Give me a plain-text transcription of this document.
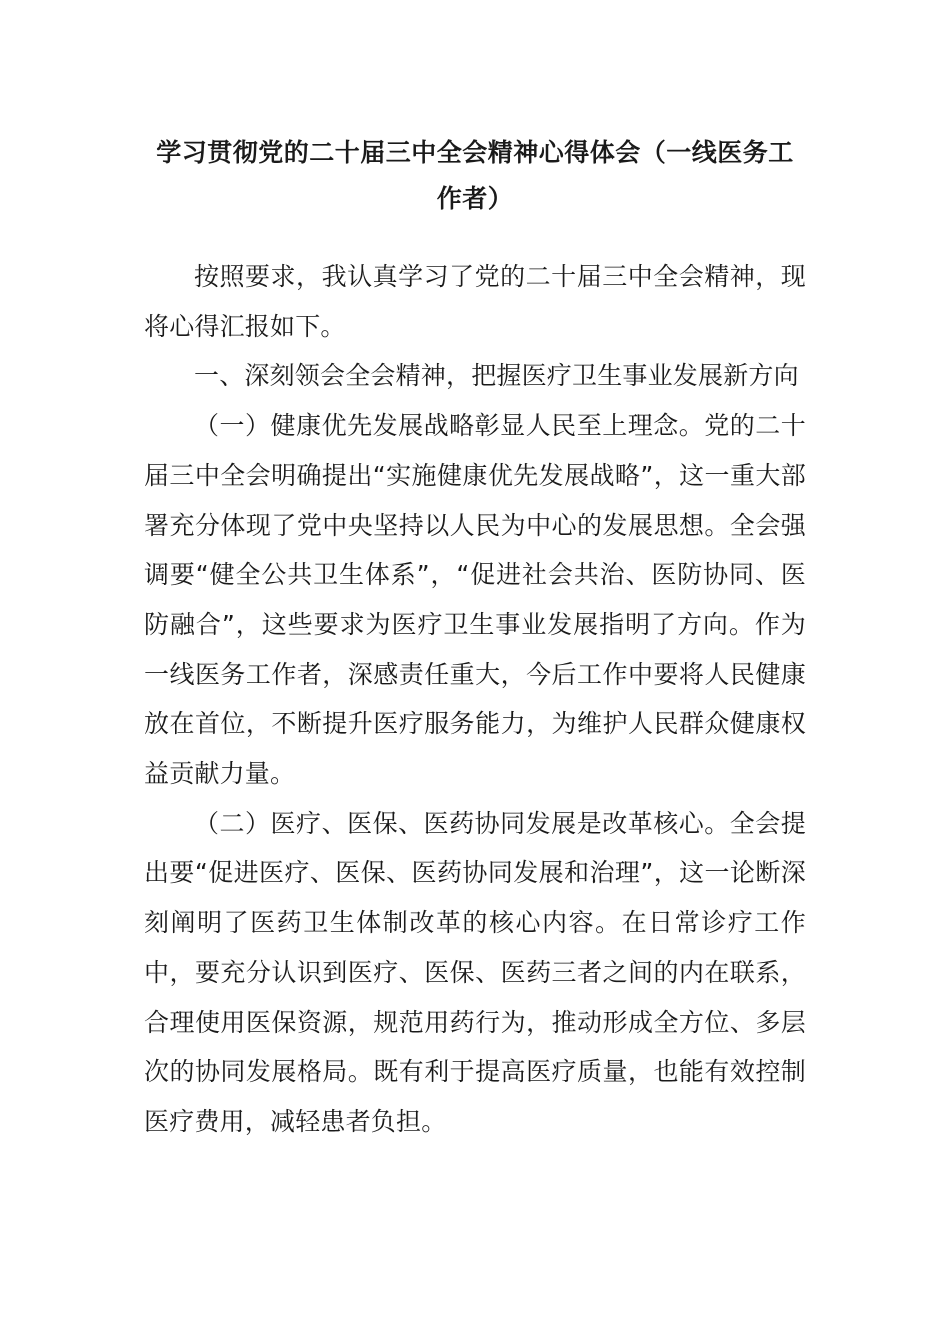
学习贯彻党的二十届三中全会精神心得体会（一线医务工作者）

按照要求，我认真学习了党的二十届三中全会精神，现将心得汇报如下。

一、深刻领会全会精神，把握医疗卫生事业发展新方向

（一）健康优先发展战略彰显人民至上理念。党的二十届三中全会明确提出“实施健康优先发展战略”，这一重大部署充分体现了党中央坚持以人民为中心的发展思想。全会强调要“健全公共卫生体系”，“促进社会共治、医防协同、医防融合”，这些要求为医疗卫生事业发展指明了方向。作为一线医务工作者，深感责任重大，今后工作中要将人民健康放在首位，不断提升医疗服务能力，为维护人民群众健康权益贡献力量。

（二）医疗、医保、医药协同发展是改革核心。全会提出要“促进医疗、医保、医药协同发展和治理”，这一论断深刻阐明了医药卫生体制改革的核心内容。在日常诊疗工作中，要充分认识到医疗、医保、医药三者之间的内在联系，合理使用医保资源，规范用药行为，推动形成全方位、多层次的协同发展格局。既有利于提高医疗质量，也能有效控制医疗费用，减轻患者负担。
